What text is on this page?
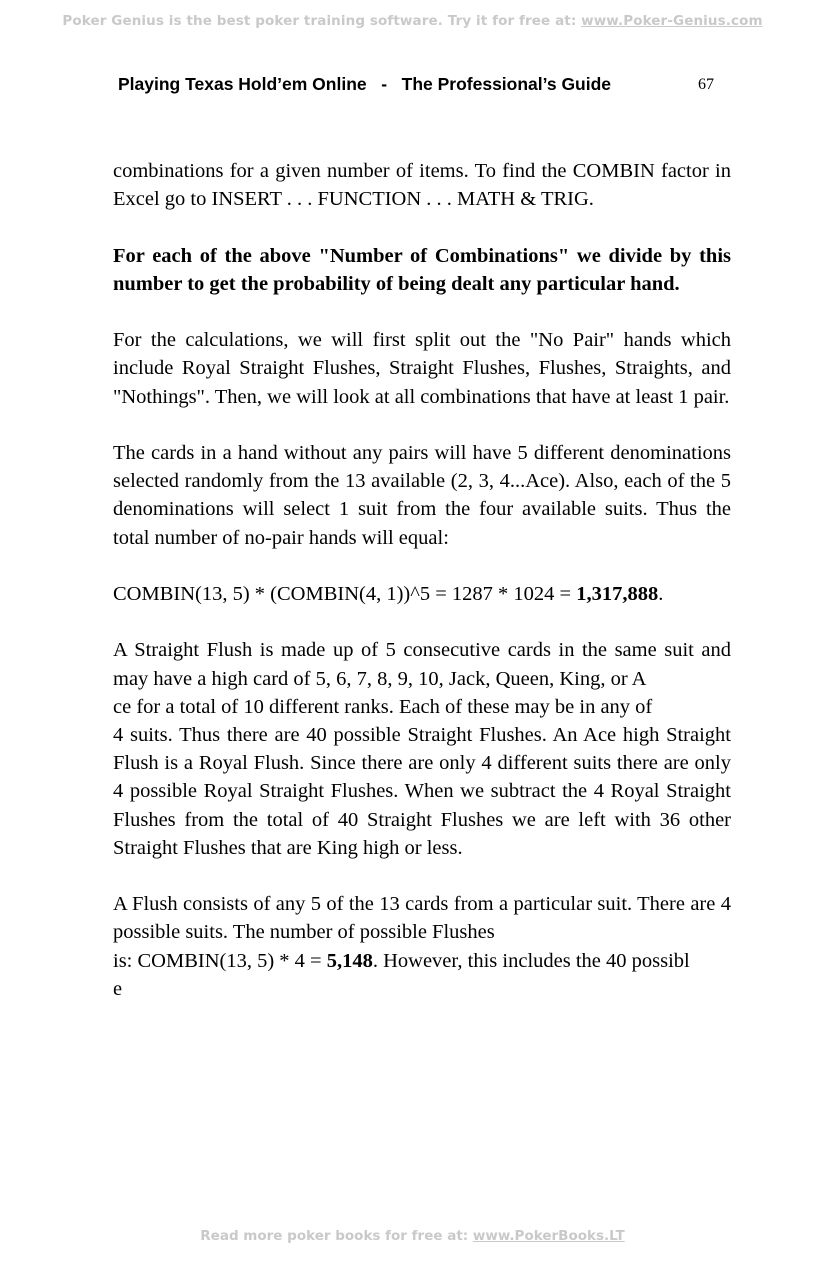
Poker Genius is the best poker training software. Try it for free at: www.Poker-Genius.com
Playing Texas Hold’em Online   -   The Professional’s Guide	67

combinations for a given number of items. To find the COMBIN factor in Excel go to INSERT . . . FUNCTION . . . MATH & TRIG.

For each of the above "Number of Combinations" we divide by this number to get the probability of being dealt any particular hand.

For the calculations, we will first split out the "No Pair" hands which include Royal Straight Flushes, Straight Flushes, Flushes, Straights, and "Nothings". Then, we will look at all combinations that have at least 1 pair.

The cards in a hand without any pairs will have 5 different denominations selected randomly from the 13 available (2, 3, 4...Ace). Also, each of the 5 denominations will select 1 suit from the four available suits. Thus the total number of no-pair hands will equal:

COMBIN(13, 5) * (COMBIN(4, 1))^5 = 1287 * 1024 = 1,317,888.

A Straight Flush is made up of 5 consecutive cards in the same suit and may have a high card of 5, 6, 7, 8, 9, 10, Jack, Queen, King, or A
ce for a total of 10 different ranks. Each of these may be in any of
4 suits. Thus there are 40 possible Straight Flushes. An Ace high Straight Flush is a Royal Flush. Since there are only 4 different suits there are only 4 possible Royal Straight Flushes. When we subtract the 4 Royal Straight Flushes from the total of 40 Straight Flushes we are left with 36 other Straight Flushes that are King high or less.

A Flush consists of any 5 of the 13 cards from a particular suit. There are 4 possible suits. The number of possible Flushes
is: COMBIN(13, 5) * 4 = 5,148. However, this includes the 40 possibl
e

Read more poker books for free at: www.PokerBooks.LT
